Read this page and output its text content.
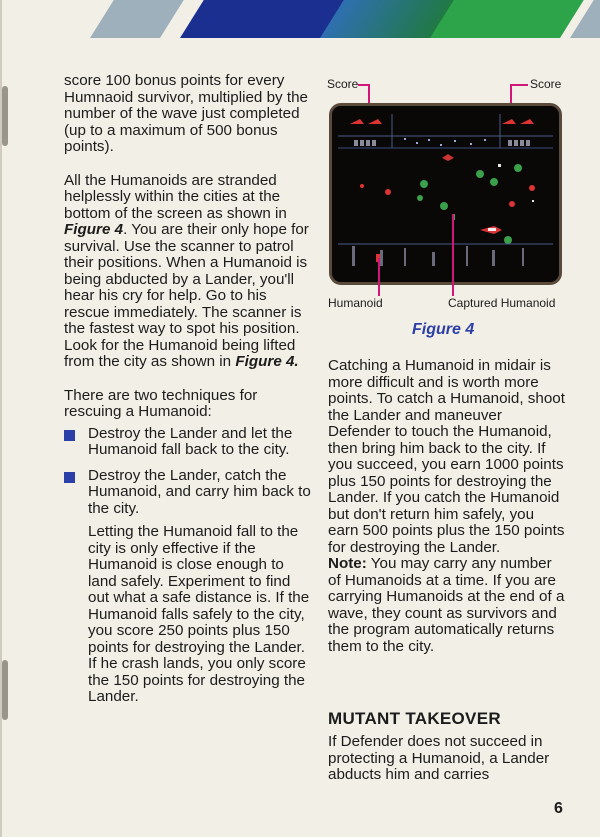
score 100 bonus points for every Humnaoid survivor, multiplied by the number of the wave just completed (up to a maximum of 500 bonus points).

All the Humanoids are stranded helplessly within the cities at the bottom of the screen as shown in Figure 4. You are their only hope for survival. Use the scanner to patrol their positions. When a Humanoid is being abducted by a Lander, you'll hear his cry for help. Go to his rescue immediately. The scanner is the fastest way to spot his position. Look for the Humanoid being lifted from the city as shown in Figure 4.

There are two techniques for rescuing a Humanoid:

Destroy the Lander and let the Humanoid fall back to the city.
Destroy the Lander, catch the Humanoid, and carry him back to the city.

Letting the Humanoid fall to the city is only effective if the Humanoid is close enough to land safely. Experiment to find out what a safe distance is. If the Humanoid falls safely to the city, you score 250 points plus 150 points for destroying the Lander. If he crash lands, you only score the 150 points for destroying the Lander.

Score	Score
Humanoid	Captured Humanoid
Figure 4

Catching a Humanoid in midair is more difficult and is worth more points. To catch a Humanoid, shoot the Lander and maneuver Defender to touch the Humanoid, then bring him back to the city. If you succeed, you earn 1000 points plus 150 points for destroying the Lander. If you catch the Humanoid but don't return him safely, you earn 500 points plus the 150 points for destroying the Lander.

Note: You may carry any number of Humanoids at a time. If you are carrying Humanoids at the end of a wave, they count as survivors and the program automatically returns them to the city.

MUTANT TAKEOVER
If Defender does not succeed in protecting a Humanoid, a Lander abducts him and carries
6
